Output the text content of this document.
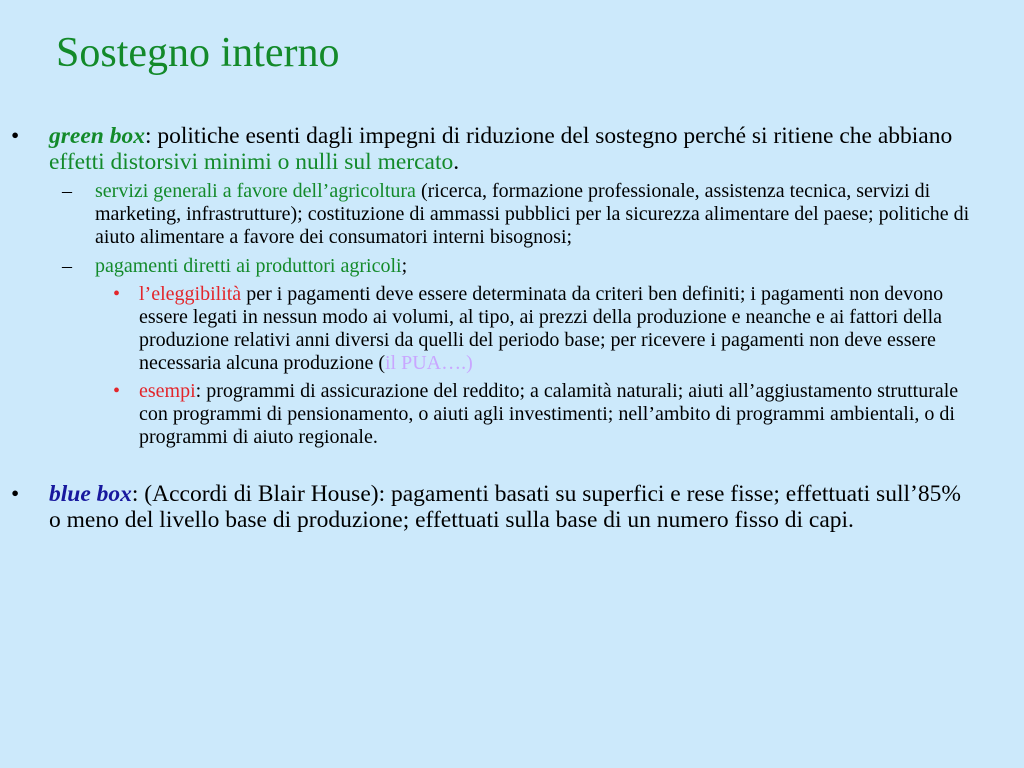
Sostegno interno
• green box: politiche esenti dagli impegni di riduzione del sostegno perché si ritiene che abbiano effetti distorsivi minimi o nulli sul mercato.
– servizi generali a favore dell’agricoltura (ricerca, formazione professionale, assistenza tecnica, servizi di marketing, infrastrutture); costituzione di ammassi pubblici per la sicurezza alimentare del paese; politiche di aiuto alimentare a favore dei consumatori interni bisognosi;
– pagamenti diretti ai produttori agricoli;
• l’eleggibilità per i pagamenti deve essere determinata da criteri ben definiti; i pagamenti non devono essere legati in nessun modo ai volumi, al tipo, ai prezzi della produzione e neanche e ai fattori della produzione relativi anni diversi da quelli del periodo base; per ricevere i pagamenti non deve essere necessaria alcuna produzione (il PUA….)
• esempi: programmi di assicurazione del reddito; a calamità naturali; aiuti all’aggiustamento strutturale con programmi di pensionamento, o aiuti agli investimenti; nell’ambito di programmi ambientali, o di programmi di aiuto regionale.
• blue box: (Accordi di Blair House): pagamenti basati su superfici e rese fisse; effettuati sull’85% o meno del livello base di produzione; effettuati sulla base di un numero fisso di capi.
